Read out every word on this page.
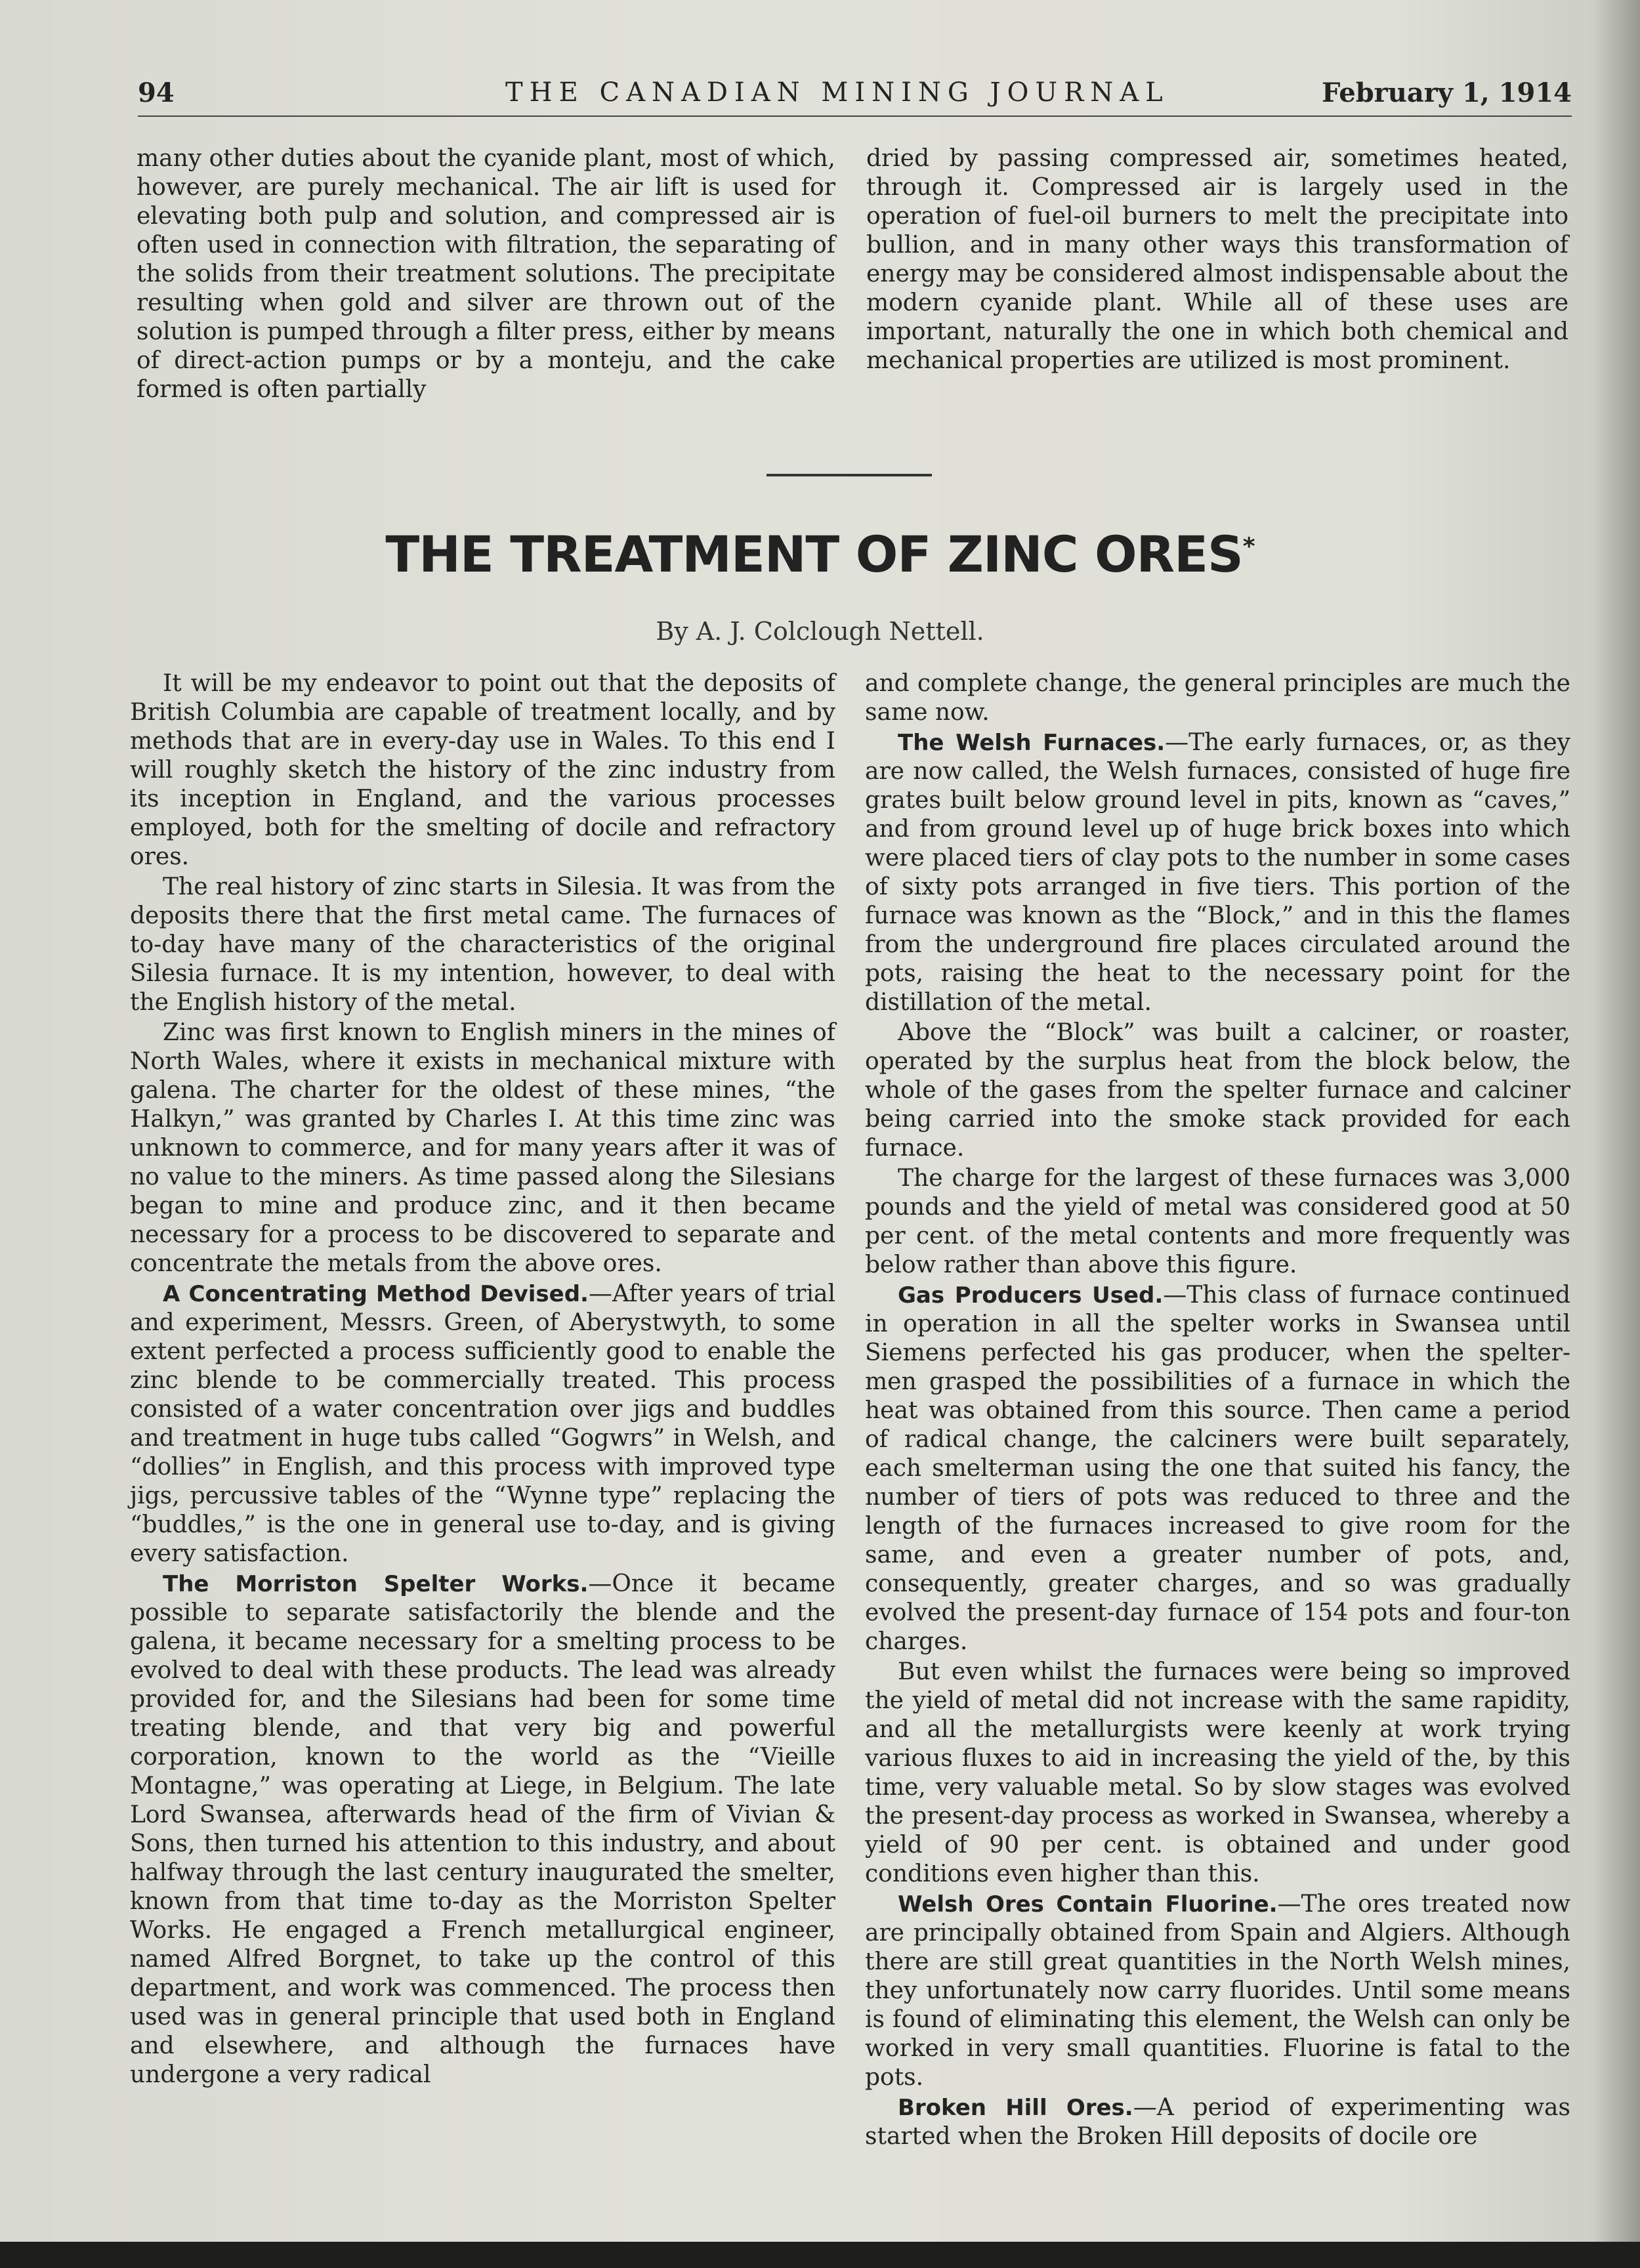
94	THE CANADIAN MINING JOURNAL	February 1, 1914

many other duties about the cyanide plant, most of which, however, are purely mechanical. The air lift is used for elevating both pulp and solution, and compressed air is often used in connection with filtration, the separating of the solids from their treatment solutions. The precipitate resulting when gold and silver are thrown out of the solution is pumped through a filter press, either by means of direct-action pumps or by a monteju, and the cake formed is often partially

dried by passing compressed air, sometimes heated, through it. Compressed air is largely used in the operation of fuel-oil burners to melt the precipitate into bullion, and in many other ways this transformation of energy may be considered almost indispensable about the modern cyanide plant. While all of these uses are important, naturally the one in which both chemical and mechanical properties are utilized is most prominent.

THE TREATMENT OF ZINC ORES*
By A. J. Colclough Nettell.

It will be my endeavor to point out that the deposits of British Columbia are capable of treatment locally, and by methods that are in every-day use in Wales. To this end I will roughly sketch the history of the zinc industry from its inception in England, and the various processes employed, both for the smelting of docile and refractory ores.

The real history of zinc starts in Silesia. It was from the deposits there that the first metal came. The furnaces of to-day have many of the characteristics of the original Silesia furnace. It is my intention, however, to deal with the English history of the metal.

Zinc was first known to English miners in the mines of North Wales, where it exists in mechanical mixture with galena. The charter for the oldest of these mines, “the Halkyn,” was granted by Charles I. At this time zinc was unknown to commerce, and for many years after it was of no value to the miners. As time passed along the Silesians began to mine and produce zinc, and it then became necessary for a process to be discovered to separate and concentrate the metals from the above ores.

A Concentrating Method Devised.—After years of trial and experiment, Messrs. Green, of Aberystwyth, to some extent perfected a process sufficiently good to enable the zinc blende to be commercially treated. This process consisted of a water concentration over jigs and buddles and treatment in huge tubs called “Gogwrs” in Welsh, and “dollies” in English, and this process with improved type jigs, percussive tables of the “Wynne type” replacing the “buddles,” is the one in general use to-day, and is giving every satisfaction.

The Morriston Spelter Works.—Once it became possible to separate satisfactorily the blende and the galena, it became necessary for a smelting process to be evolved to deal with these products. The lead was already provided for, and the Silesians had been for some time treating blende, and that very big and powerful corporation, known to the world as the “Vieille Montagne,” was operating at Liege, in Belgium. The late Lord Swansea, afterwards head of the firm of Vivian & Sons, then turned his attention to this industry, and about halfway through the last century inaugurated the smelter, known from that time to-day as the Morriston Spelter Works. He engaged a French metallurgical engineer, named Alfred Borgnet, to take up the control of this department, and work was commenced. The process then used was in general principle that used both in England and elsewhere, and although the furnaces have undergone a very radical

and complete change, the general principles are much the same now.

The Welsh Furnaces.—The early furnaces, or, as they are now called, the Welsh furnaces, consisted of huge fire grates built below ground level in pits, known as “caves,” and from ground level up of huge brick boxes into which were placed tiers of clay pots to the number in some cases of sixty pots arranged in five tiers. This portion of the furnace was known as the “Block,” and in this the flames from the underground fire places circulated around the pots, raising the heat to the necessary point for the distillation of the metal.

Above the “Block” was built a calciner, or roaster, operated by the surplus heat from the block below, the whole of the gases from the spelter furnace and calciner being carried into the smoke stack provided for each furnace.

The charge for the largest of these furnaces was 3,000 pounds and the yield of metal was considered good at 50 per cent. of the metal contents and more frequently was below rather than above this figure.

Gas Producers Used.—This class of furnace continued in operation in all the spelter works in Swansea until Siemens perfected his gas producer, when the spelter-men grasped the possibilities of a furnace in which the heat was obtained from this source. Then came a period of radical change, the calciners were built separately, each smelterman using the one that suited his fancy, the number of tiers of pots was reduced to three and the length of the furnaces increased to give room for the same, and even a greater number of pots, and, consequently, greater charges, and so was gradually evolved the present-day furnace of 154 pots and four-ton charges.

But even whilst the furnaces were being so improved the yield of metal did not increase with the same rapidity, and all the metallurgists were keenly at work trying various fluxes to aid in increasing the yield of the, by this time, very valuable metal. So by slow stages was evolved the present-day process as worked in Swansea, whereby a yield of 90 per cent. is obtained and under good conditions even higher than this.

Welsh Ores Contain Fluorine.—The ores treated now are principally obtained from Spain and Algiers. Although there are still great quantities in the North Welsh mines, they unfortunately now carry fluorides. Until some means is found of eliminating this element, the Welsh can only be worked in very small quantities. Fluorine is fatal to the pots.

Broken Hill Ores.—A period of experimenting was started when the Broken Hill deposits of docile ore
